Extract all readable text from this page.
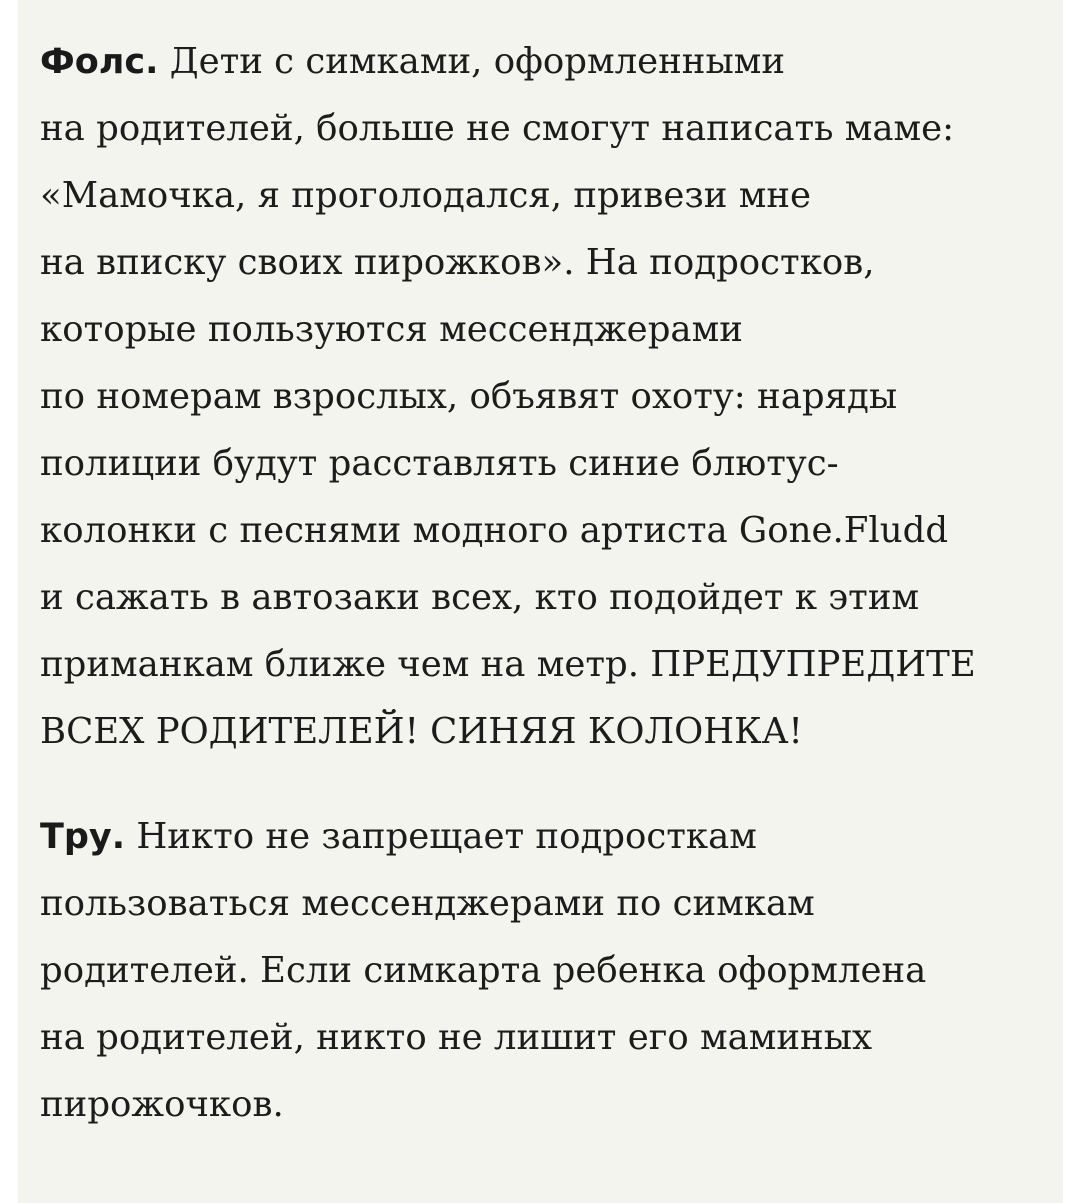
Фолс. Дети с симками, оформленными
на родителей, больше не смогут написать маме:
«Мамочка, я проголодался, привези мне
на вписку своих пирожков». На подростков,
которые пользуются мессенджерами
по номерам взрослых, объявят охоту: наряды
полиции будут расставлять синие блютус-
колонки с песнями модного артиста Gone.Fludd
и сажать в автозаки всех, кто подойдет к этим
приманкам ближе чем на метр. ПРЕДУПРЕДИТЕ
ВСЕХ РОДИТЕЛЕЙ! СИНЯЯ КОЛОНКА!
Тру. Никто не запрещает подросткам
пользоваться мессенджерами по симкам
родителей. Если симкарта ребенка оформлена
на родителей, никто не лишит его маминых
пирожочков.
